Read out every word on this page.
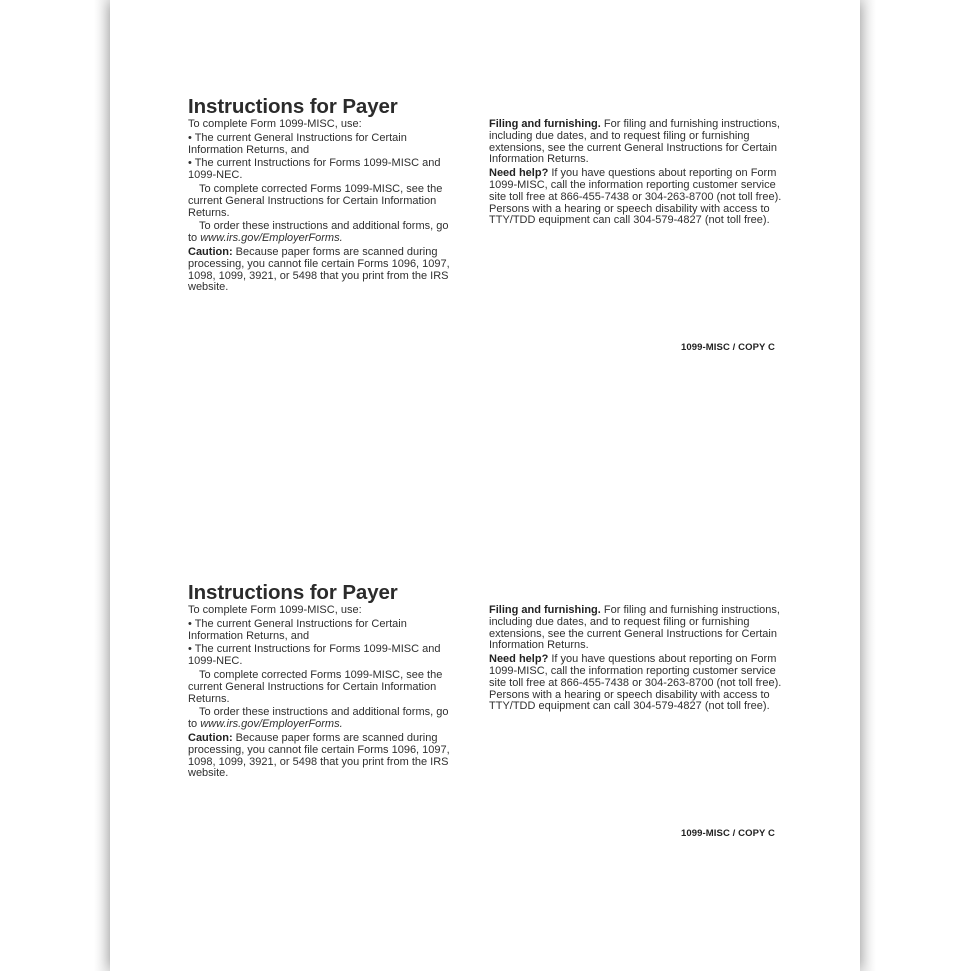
Instructions for Payer

To complete Form 1099-MISC, use:

• The current General Instructions for Certain Information Returns, and

• The current Instructions for Forms 1099-MISC and 1099-NEC.

To complete corrected Forms 1099-MISC, see the current General Instructions for Certain Information Returns.

To order these instructions and additional forms, go to www.irs.gov/EmployerForms.

Caution: Because paper forms are scanned during processing, you cannot file certain Forms 1096, 1097, 1098, 1099, 3921, or 5498 that you print from the IRS website.

Filing and furnishing. For filing and furnishing instructions, including due dates, and to request filing or furnishing extensions, see the current General Instructions for Certain Information Returns.

Need help? If you have questions about reporting on Form 1099-MISC, call the information reporting customer service site toll free at 866-455-7438 or 304-263-8700 (not toll free). Persons with a hearing or speech disability with access to TTY/TDD equipment can call 304-579-4827 (not toll free).

1099-MISC / COPY C
Instructions for Payer

To complete Form 1099-MISC, use:

• The current General Instructions for Certain Information Returns, and

• The current Instructions for Forms 1099-MISC and 1099-NEC.

To complete corrected Forms 1099-MISC, see the current General Instructions for Certain Information Returns.

To order these instructions and additional forms, go to www.irs.gov/EmployerForms.

Caution: Because paper forms are scanned during processing, you cannot file certain Forms 1096, 1097, 1098, 1099, 3921, or 5498 that you print from the IRS website.

Filing and furnishing. For filing and furnishing instructions, including due dates, and to request filing or furnishing extensions, see the current General Instructions for Certain Information Returns.

Need help? If you have questions about reporting on Form 1099-MISC, call the information reporting customer service site toll free at 866-455-7438 or 304-263-8700 (not toll free). Persons with a hearing or speech disability with access to TTY/TDD equipment can call 304-579-4827 (not toll free).

1099-MISC / COPY C
